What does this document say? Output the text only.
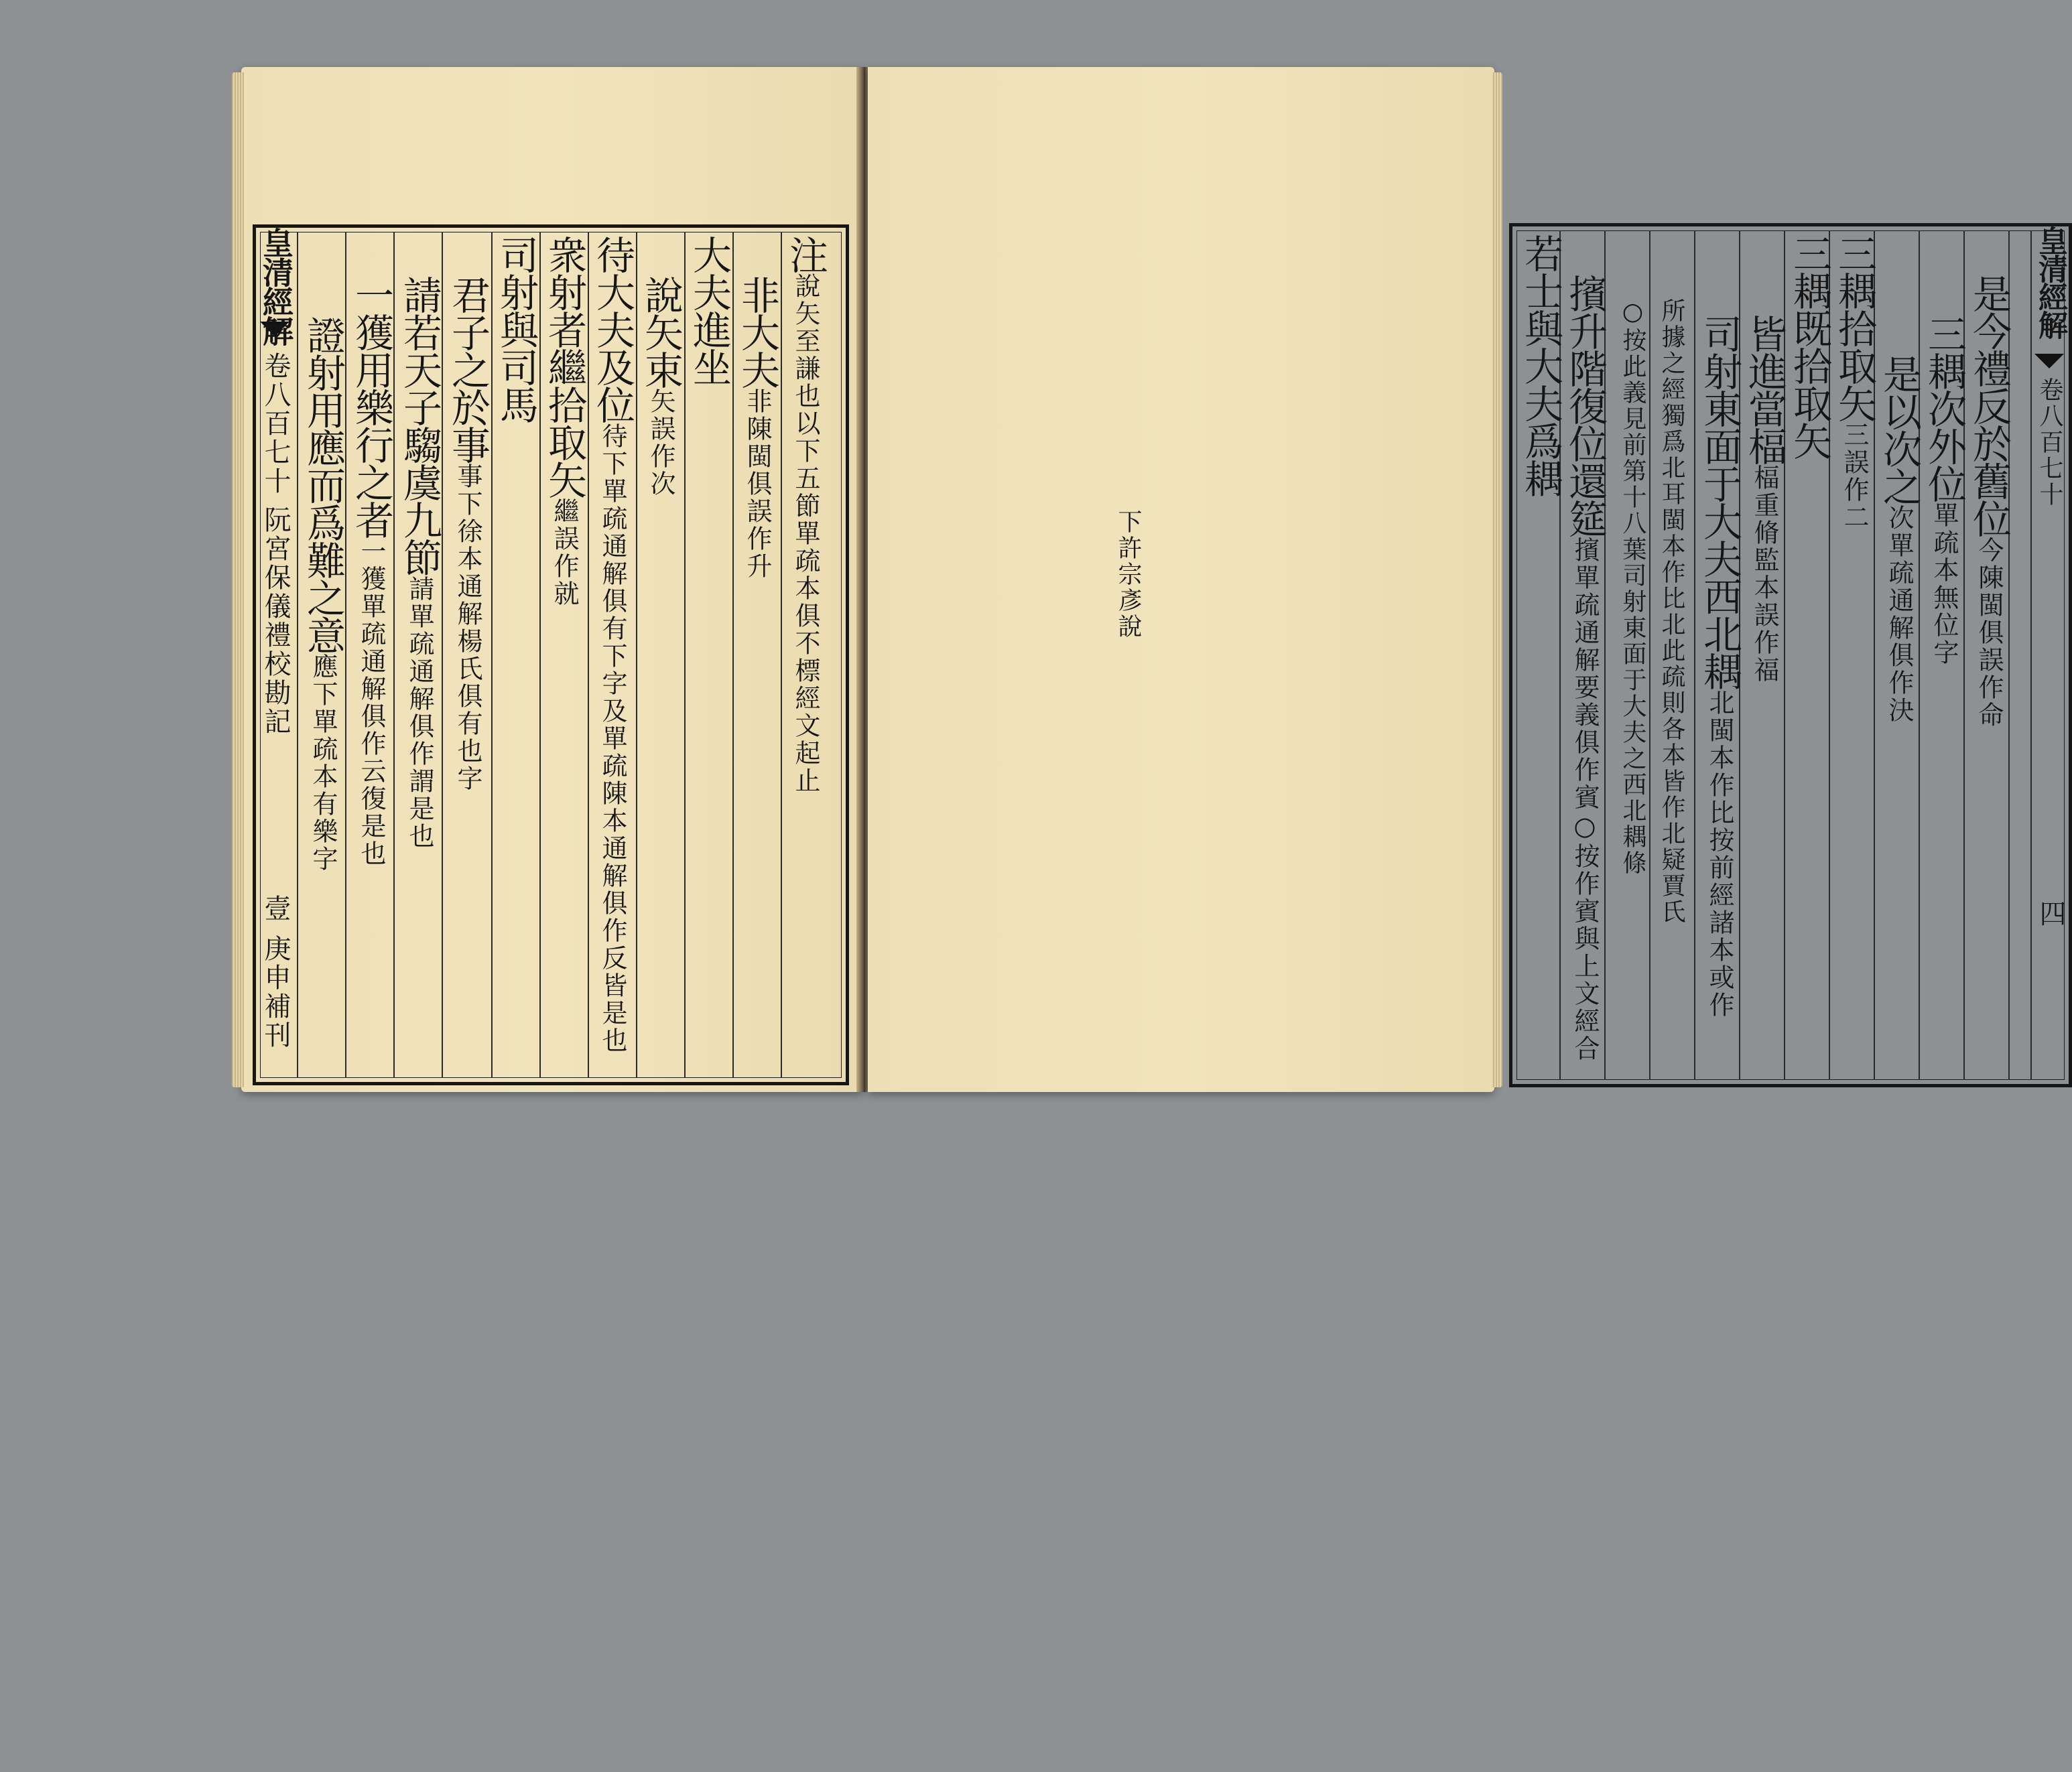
皇清經解
卷八百七十
阮宮保儀禮校勘記
壹
庚申補刊
注說矢至謙也以下五節單疏本俱不標經文起止
非大夫非陳閩俱誤作升
大夫進坐
說矢束矢誤作次
待大夫及位待下單疏通解俱有下字及單疏陳本通解俱作反皆是也
衆射者繼拾取矢繼誤作就
司射與司馬
君子之於事事下徐本通解楊氏俱有也字
請若天子騶虞九節請單疏通解俱作謂是也
一獲用樂行之者一獲單疏通解俱作云復是也
證射用應而爲難之意應下單疏本有樂字
皇清經解
卷八百七十
四
是今禮反於舊位今陳閩俱誤作命
三耦次外位單疏本無位字
是以次之次單疏通解俱作決
三耦拾取矢三誤作二
三耦既拾取矢
皆進當楅楅重脩監本誤作福
司射東面于大夫西北耦北閩本作比按前經諸本或作
所據之經獨爲北耳閩本作比北此疏則各本皆作北疑賈氏
○按此義見前第十八葉司射東面于大夫之西北耦條
擯升階復位還筵擯單疏通解要義俱作賓○按作賓與上文經合
若士與大夫爲耦
下許宗彥說
